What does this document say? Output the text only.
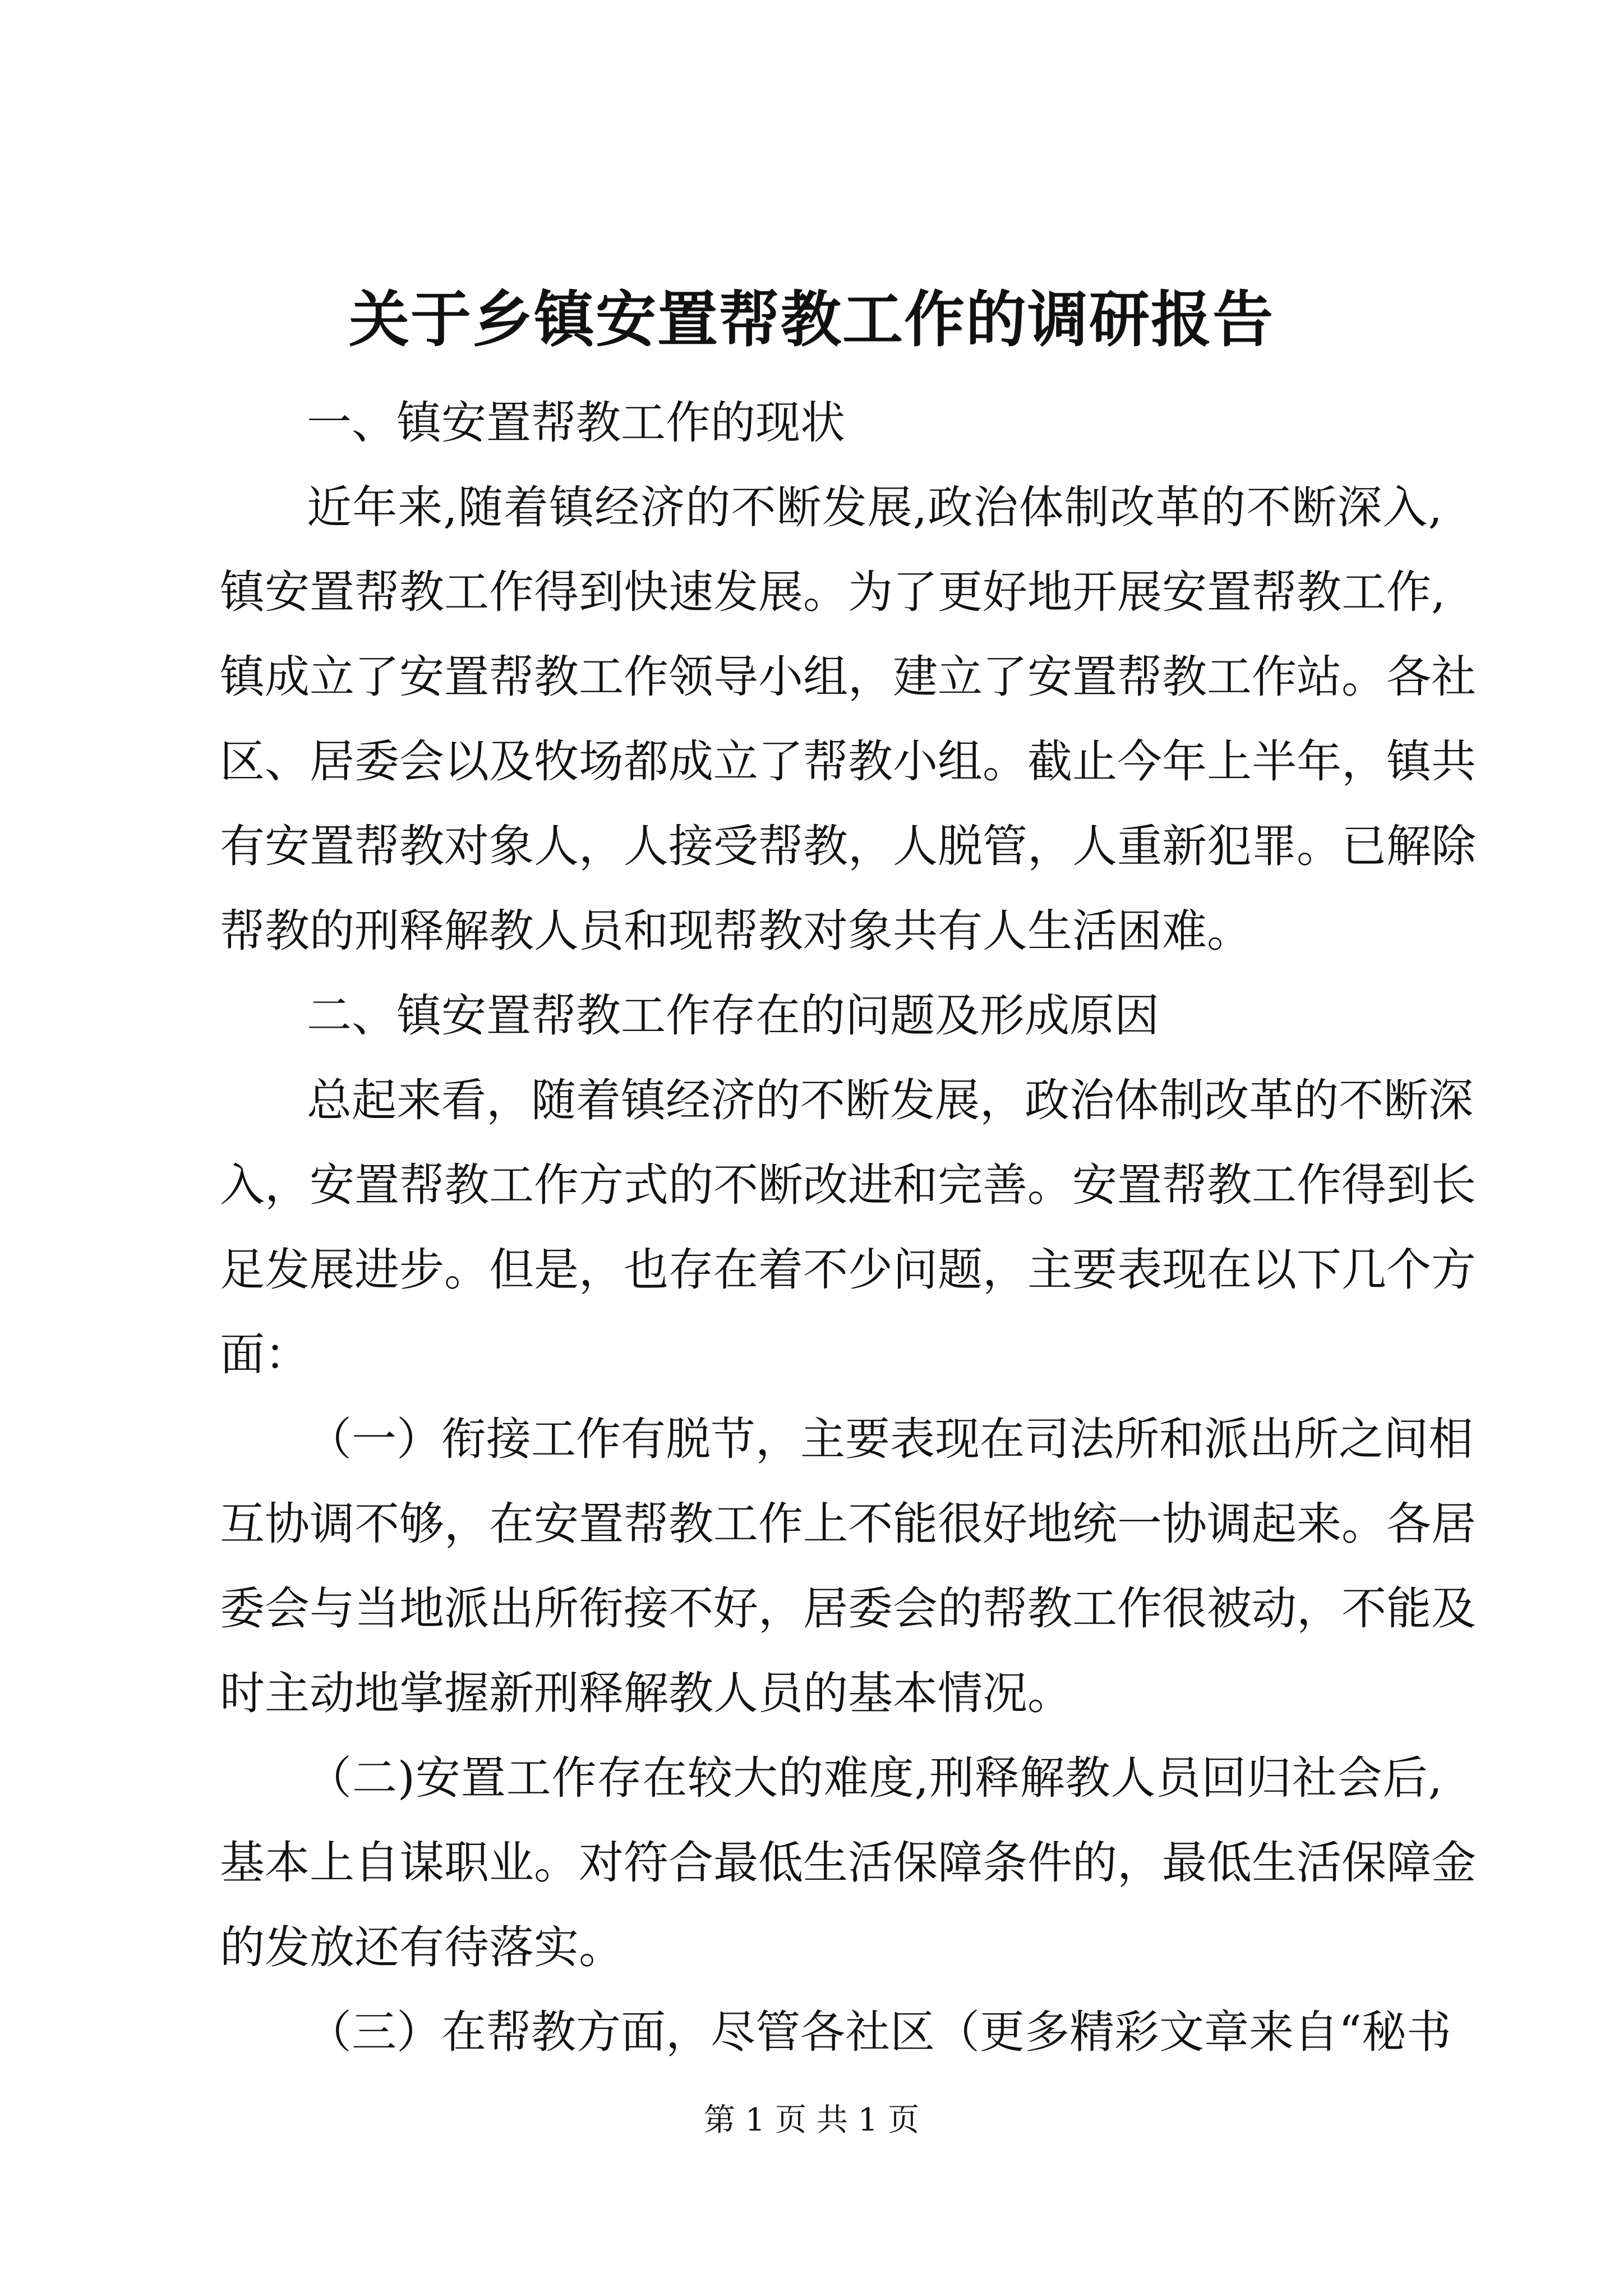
关于乡镇安置帮教工作的调研报告
一、镇安置帮教工作的现状
近年来,随着镇经济的不断发展,政治体制改革的不断深入,
镇安置帮教工作得到快速发展。为了更好地开展安置帮教工作,
镇成立了安置帮教工作领导小组，建立了安置帮教工作站。各社
区、居委会以及牧场都成立了帮教小组。截止今年上半年，镇共
有安置帮教对象人，人接受帮教，人脱管，人重新犯罪。已解除
帮教的刑释解教人员和现帮教对象共有人生活困难。
二、镇安置帮教工作存在的问题及形成原因
总起来看，随着镇经济的不断发展，政治体制改革的不断深
入，安置帮教工作方式的不断改进和完善。安置帮教工作得到长
足发展进步。但是，也存在着不少问题，主要表现在以下几个方
面：
（一）衔接工作有脱节，主要表现在司法所和派出所之间相
互协调不够，在安置帮教工作上不能很好地统一协调起来。各居
委会与当地派出所衔接不好，居委会的帮教工作很被动，不能及
时主动地掌握新刑释解教人员的基本情况。
（二)安置工作存在较大的难度,刑释解教人员回归社会后,
基本上自谋职业。对符合最低生活保障条件的，最低生活保障金
的发放还有待落实。
（三）在帮教方面，尽管各社区（更多精彩文章来自“秘书
第 1 页 共 1 页
